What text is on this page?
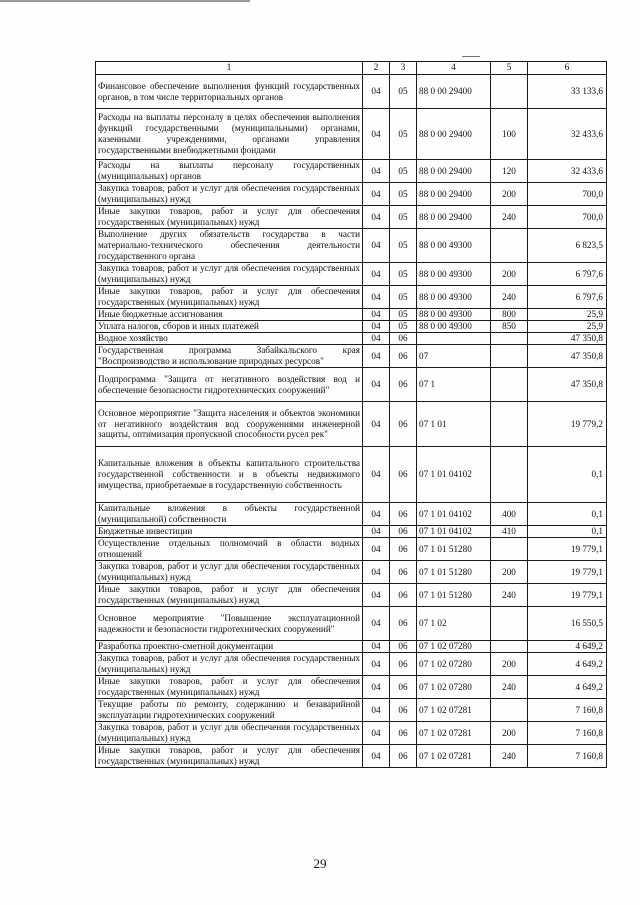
1	2	3	4	5	6
Финансовое обеспечение выполнения функций государственных органов, в том числе территориальных органов	04	05	88 0 00 29400		33 133,6
Расходы на выплаты персоналу в целях обеспечения выполнения функций государственными (муниципальными) органами, казенными учреждениями, органами управления государственными внебюджетными фондами	04	05	88 0 00 29400	100	32 433,6
Расходы на выплаты персоналу государственных (муниципальных) органов	04	05	88 0 00 29400	120	32 433,6
Закупка товаров, работ и услуг для обеспечения государственных (муниципальных) нужд	04	05	88 0 00 29400	200	700,0
Иные закупки товаров, работ и услуг для обеспечения государственных (муниципальных) нужд	04	05	88 0 00 29400	240	700,0
Выполнение других обязательств государства в части материально-технического обеспечения деятельности государственного органа	04	05	88 0 00 49300		6 823,5
Закупка товаров, работ и услуг для обеспечения государственных (муниципальных) нужд	04	05	88 0 00 49300	200	6 797,6
Иные закупки товаров, работ и услуг для обеспечения государственных (муниципальных) нужд	04	05	88 0 00 49300	240	6 797,6
Иные бюджетные ассигнования	04	05	88 0 00 49300	800	25,9
Уплата налогов, сборов и иных платежей	04	05	88 0 00 49300	850	25,9
Водное хозяйство	04	06			47 350,8
Государственная программа Забайкальского края "Воспроизводство и использование природных ресурсов"	04	06	07		47 350,8
Подпрограмма "Защита от негативного воздействия вод и обеспечение безопасности гидротехнических сооружений"	04	06	07 1		47 350,8
Основное мероприятие "Защита населения и объектов экономики от негативного воздействия вод сооружениями инженерной защиты, оптимизация пропускной способности русел рек"	04	06	07 1 01		19 779,2
Капитальные вложения в объекты капитального строительства государственной собственности и в объекты недвижимого имущества, приобретаемые в государственную собственность	04	06	07 1 01 04102		0,1
Капитальные вложения в объекты государственной (муниципальной) собственности	04	06	07 1 01 04102	400	0,1
Бюджетные инвестиции	04	06	07 1 01 04102	410	0,1
Осуществление отдельных полномочий в области водных отношений	04	06	07 1 01 51280		19 779,1
Закупка товаров, работ и услуг для обеспечения государственных (муниципальных) нужд	04	06	07 1 01 51280	200	19 779,1
Иные закупки товаров, работ и услуг для обеспечения государственных (муниципальных) нужд	04	06	07 1 01 51280	240	19 779,1
Основное мероприятие "Повышение эксплуатационной надежности и безопасности гидротехнических сооружений"	04	06	07 1 02		16 550,5
Разработка проектно-сметной документации	04	06	07 1 02 07280		4 649,2
Закупка товаров, работ и услуг для обеспечения государственных (муниципальных) нужд	04	06	07 1 02 07280	200	4 649,2
Иные закупки товаров, работ и услуг для обеспечения государственных (муниципальных) нужд	04	06	07 1 02 07280	240	4 649,2
Текущие работы по ремонту, содержанию и безаварийной эксплуатации гидротехнических сооружений	04	06	07 1 02 07281		7 160,8
Закупка товаров, работ и услуг для обеспечения государственных (муниципальных) нужд	04	06	07 1 02 07281	200	7 160,8
Иные закупки товаров, работ и услуг для обеспечения государственных (муниципальных) нужд	04	06	07 1 02 07281	240	7 160,8
29
